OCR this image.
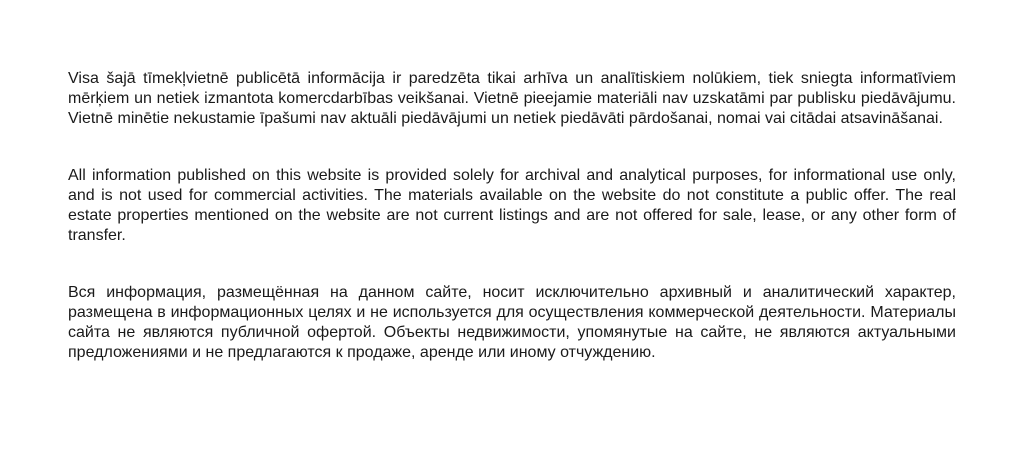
Visa šajā tīmekļvietnē publicētā informācija ir paredzēta tikai arhīva un analītiskiem nolūkiem, tiek sniegta informatīviem mērķiem un netiek izmantota komercdarbības veikšanai. Vietnē pieejamie materiāli nav uzskatāmi par publisku piedāvājumu. Vietnē minētie nekustamie īpašumi nav aktuāli piedāvājumi un netiek piedāvāti pārdošanai, nomai vai citādai atsavināšanai.

All information published on this website is provided solely for archival and analytical purposes, for informational use only, and is not used for commercial activities. The materials available on the website do not constitute a public offer. The real estate properties mentioned on the website are not current listings and are not offered for sale, lease, or any other form of transfer.

Вся информация, размещённая на данном сайте, носит исключительно архивный и аналитический характер, размещена в информационных целях и не используется для осуществления коммерческой деятельности. Материалы сайта не являются публичной офертой. Объекты недвижимости, упомянутые на сайте, не являются актуальными предложениями и не предлагаются к продаже, аренде или иному отчуждению.
